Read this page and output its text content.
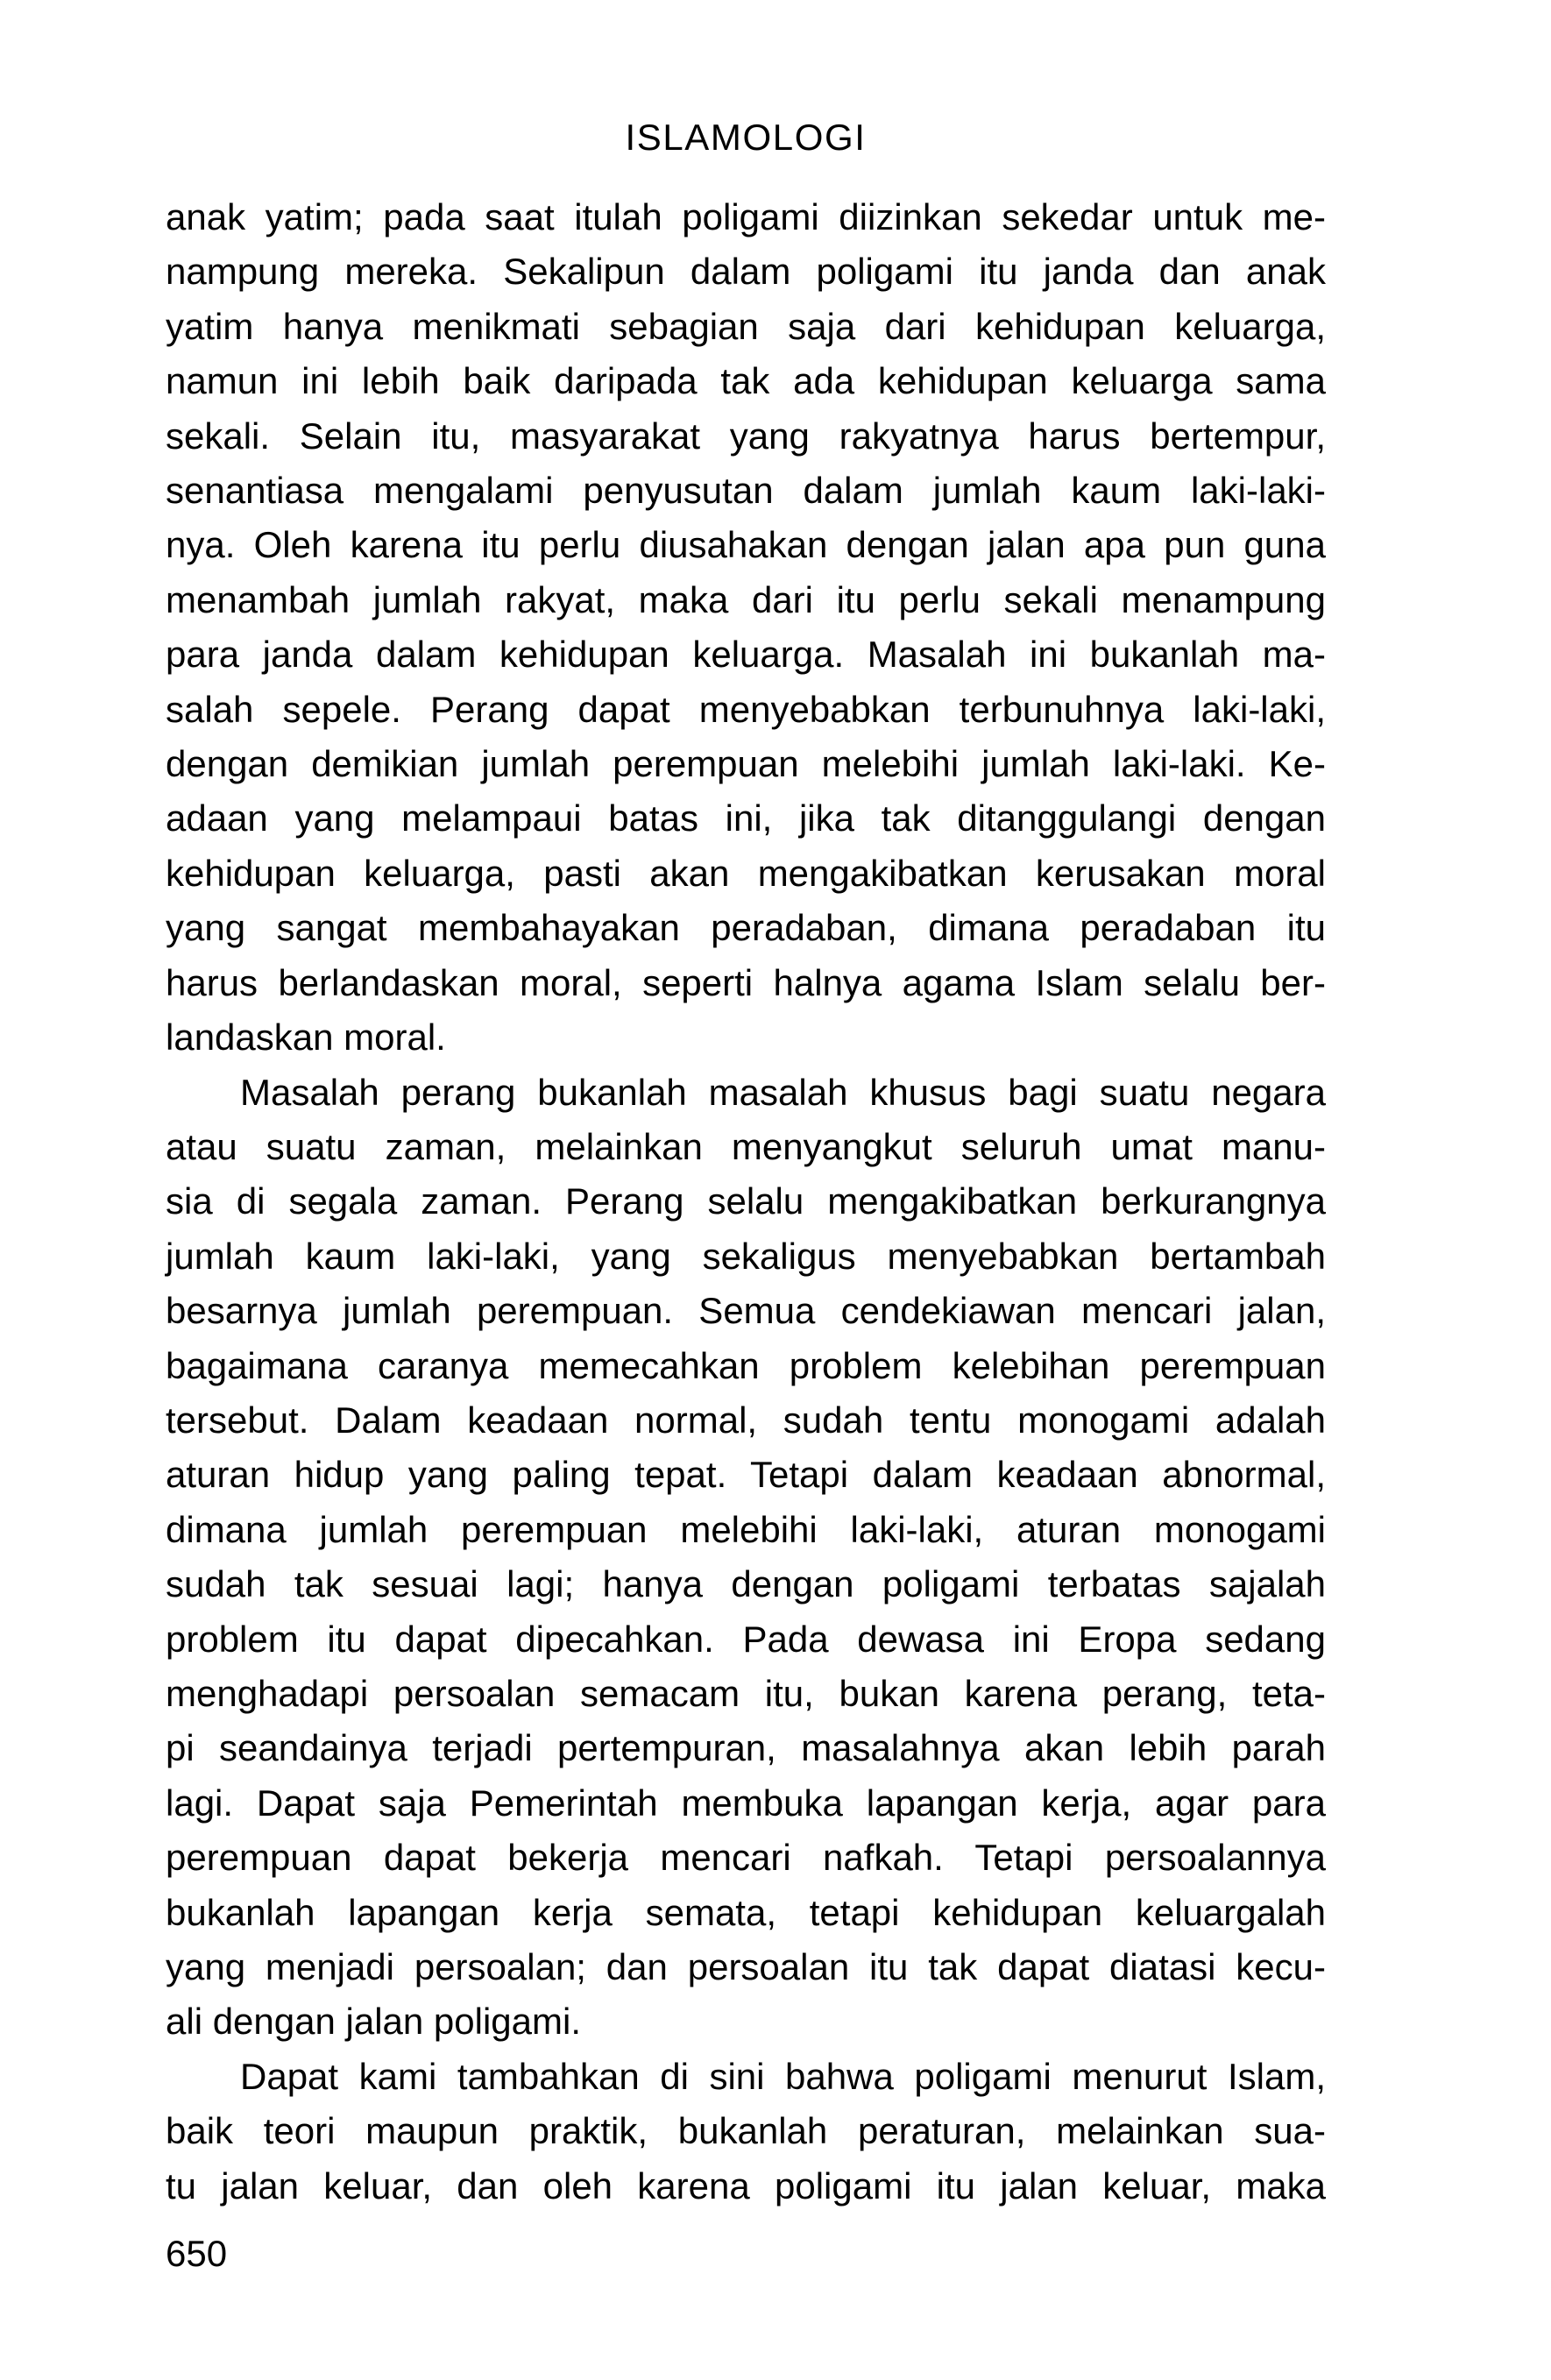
ISLAMOLOGI
anak yatim; pada saat itulah poligami diizinkan sekedar untuk me-
nampung mereka. Sekalipun dalam poligami itu janda dan anak
yatim hanya menikmati sebagian saja dari kehidupan keluarga,
namun ini lebih baik daripada tak ada kehidupan keluarga sama
sekali. Selain itu, masyarakat yang rakyatnya harus bertempur,
senantiasa mengalami penyusutan dalam jumlah kaum laki-laki-
nya. Oleh karena itu perlu diusahakan dengan jalan apa pun guna
menambah jumlah rakyat, maka dari itu perlu sekali menampung
para janda dalam kehidupan keluarga. Masalah ini bukanlah ma-
salah sepele. Perang dapat menyebabkan terbunuhnya laki-laki,
dengan demikian jumlah perempuan melebihi jumlah laki-laki. Ke-
adaan yang melampaui batas ini, jika tak ditanggulangi dengan
kehidupan keluarga, pasti akan mengakibatkan kerusakan moral
yang sangat membahayakan peradaban, dimana peradaban itu
harus berlandaskan moral, seperti halnya agama Islam selalu ber-
landaskan moral.
Masalah perang bukanlah masalah khusus bagi suatu negara
atau suatu zaman, melainkan menyangkut seluruh umat manu-
sia di segala zaman. Perang selalu mengakibatkan berkurangnya
jumlah kaum laki-laki, yang sekaligus menyebabkan bertambah
besarnya jumlah perempuan. Semua cendekiawan mencari jalan,
bagaimana caranya memecahkan problem kelebihan perempuan
tersebut. Dalam keadaan normal, sudah tentu monogami adalah
aturan hidup yang paling tepat. Tetapi dalam keadaan abnormal,
dimana jumlah perempuan melebihi laki-laki, aturan monogami
sudah tak sesuai lagi; hanya dengan poligami terbatas sajalah
problem itu dapat dipecahkan. Pada dewasa ini Eropa sedang
menghadapi persoalan semacam itu, bukan karena perang, teta-
pi seandainya terjadi pertempuran, masalahnya akan lebih parah
lagi. Dapat saja Pemerintah membuka lapangan kerja, agar para
perempuan dapat bekerja mencari nafkah. Tetapi persoalannya
bukanlah lapangan kerja semata, tetapi kehidupan keluargalah
yang menjadi persoalan; dan persoalan itu tak dapat diatasi kecu-
ali dengan jalan poligami.
Dapat kami tambahkan di sini bahwa poligami menurut Islam,
baik teori maupun praktik, bukanlah peraturan, melainkan sua-
tu jalan keluar, dan oleh karena poligami itu jalan keluar, maka
650
